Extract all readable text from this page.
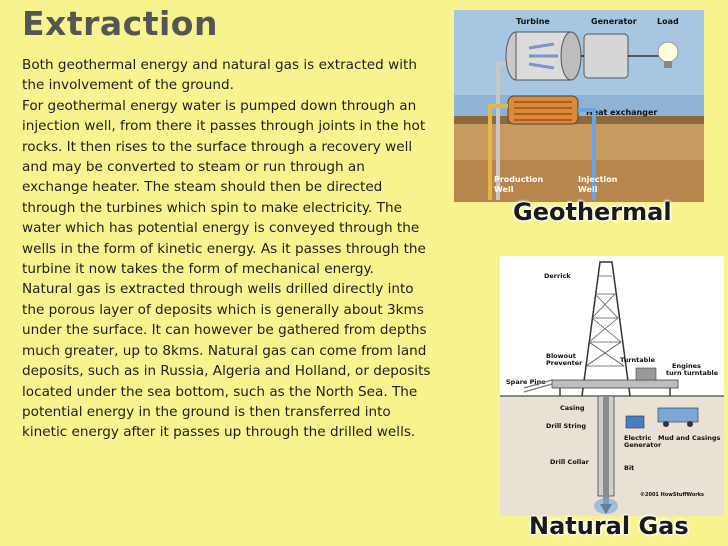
Extraction

Both geothermal energy and natural gas is extracted with the involvement of the ground.

For geothermal energy water is pumped down through an injection well, from there it passes through joints in the hot rocks. It then rises to the surface through a recovery well and may be converted to steam or run through an exchange heater. The steam should then be directed through the turbines which spin to make electricity. The water which has potential energy is conveyed through the wells in the form of kinetic energy. As it passes through the turbine it now takes the form of mechanical energy.

Natural gas is extracted through wells drilled directly into the porous layer of deposits which is generally about 3kms under the surface. It can however be gathered from depths much greater, up to 8kms. Natural gas can come from land deposits, such as in Russia, Algeria and Holland, or deposits located under the sea bottom, such as the North Sea. The potential energy in the ground is then transferred into kinetic energy after it passes up through the drilled wells.

Turbine	Generator	Load
Heat exchanger
Production
Well
Injection
Well
Geothermal
Derrick
Blowout
Preventer	Turntable
Engines
turn turntable
Spare Pipe
Casing
Drill String
Electric
Generator
Mud and Casings
Drill Collar
Bit
©2001 HowStuffWorks
Natural Gas
